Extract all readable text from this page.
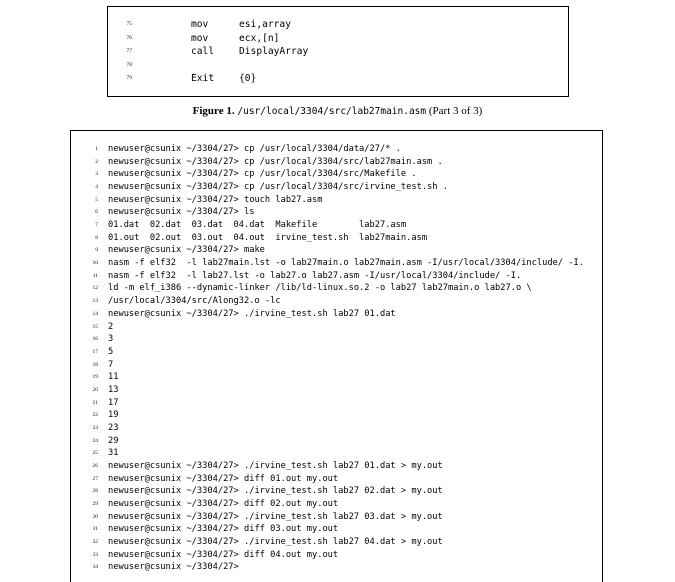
75	mov	esi,array
76	mov	ecx,[n]
77	call	DisplayArray
78
79	Exit	{0}
Figure 1. /usr/local/3304/src/lab27main.asm (Part 3 of 3)
1 newuser@csunix ~/3304/27> cp /usr/local/3304/data/27/* .
2 newuser@csunix ~/3304/27> cp /usr/local/3304/src/lab27main.asm .
3 newuser@csunix ~/3304/27> cp /usr/local/3304/src/Makefile .
4 newuser@csunix ~/3304/27> cp /usr/local/3304/src/irvine_test.sh .
5 newuser@csunix ~/3304/27> touch lab27.asm
6 newuser@csunix ~/3304/27> ls
7 01.dat  02.dat  03.dat  04.dat  Makefile        lab27.asm
8 01.out  02.out  03.out  04.out  irvine_test.sh  lab27main.asm
9 newuser@csunix ~/3304/27> make
10 nasm -f elf32  -l lab27main.lst -o lab27main.o lab27main.asm -I/usr/local/3304/include/ -I.
11 nasm -f elf32  -l lab27.lst -o lab27.o lab27.asm -I/usr/local/3304/include/ -I.
12 ld -m elf_i386 --dynamic-linker /lib/ld-linux.so.2 -o lab27 lab27main.o lab27.o \
13 /usr/local/3304/src/Along32.o -lc
14 newuser@csunix ~/3304/27> ./irvine_test.sh lab27 01.dat
15 2
16 3
17 5
18 7
19 11
20 13
21 17
22 19
23 23
24 29
25 31
26 newuser@csunix ~/3304/27> ./irvine_test.sh lab27 01.dat > my.out
27 newuser@csunix ~/3304/27> diff 01.out my.out
28 newuser@csunix ~/3304/27> ./irvine_test.sh lab27 02.dat > my.out
29 newuser@csunix ~/3304/27> diff 02.out my.out
30 newuser@csunix ~/3304/27> ./irvine_test.sh lab27 03.dat > my.out
31 newuser@csunix ~/3304/27> diff 03.out my.out
32 newuser@csunix ~/3304/27> ./irvine_test.sh lab27 04.dat > my.out
33 newuser@csunix ~/3304/27> diff 04.out my.out
34 newuser@csunix ~/3304/27>
